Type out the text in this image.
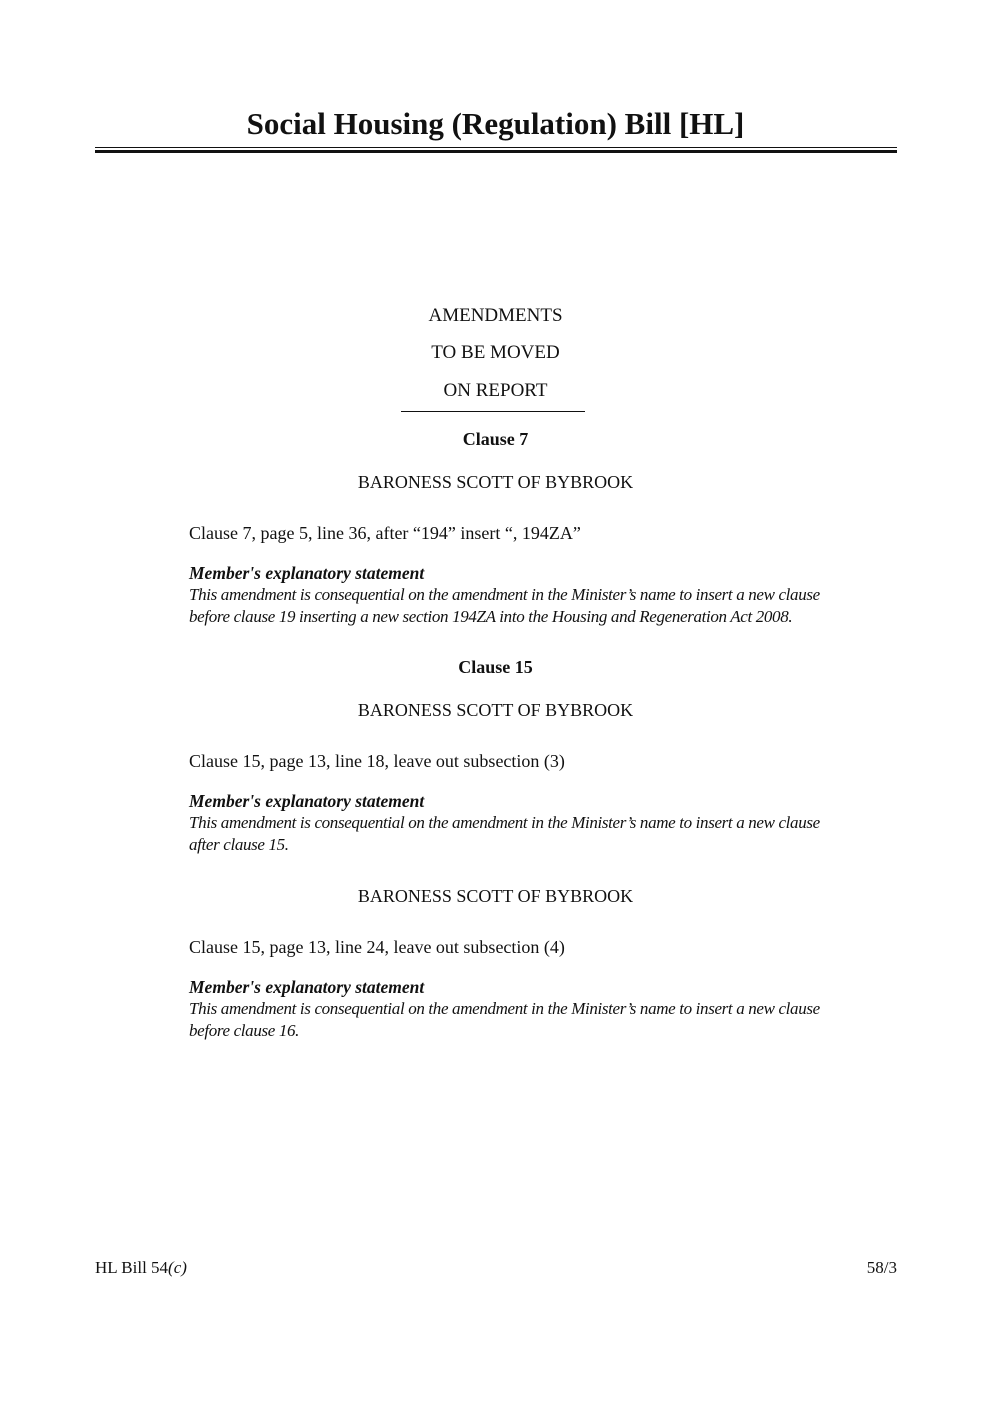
Social Housing (Regulation) Bill [HL]
AMENDMENTS
TO BE MOVED
ON REPORT
Clause 7
BARONESS SCOTT OF BYBROOK
Clause 7, page 5, line 36, after “194” insert “, 194ZA”
Member's explanatory statement
This amendment is consequential on the amendment in the Minister’s name to insert a new clause
before clause 19 inserting a new section 194ZA into the Housing and Regeneration Act 2008.
Clause 15
BARONESS SCOTT OF BYBROOK
Clause 15, page 13, line 18, leave out subsection (3)
Member's explanatory statement
This amendment is consequential on the amendment in the Minister’s name to insert a new clause
after clause 15.
BARONESS SCOTT OF BYBROOK
Clause 15, page 13, line 24, leave out subsection (4)
Member's explanatory statement
This amendment is consequential on the amendment in the Minister’s name to insert a new clause
before clause 16.
HL Bill 54(c)	58/3
